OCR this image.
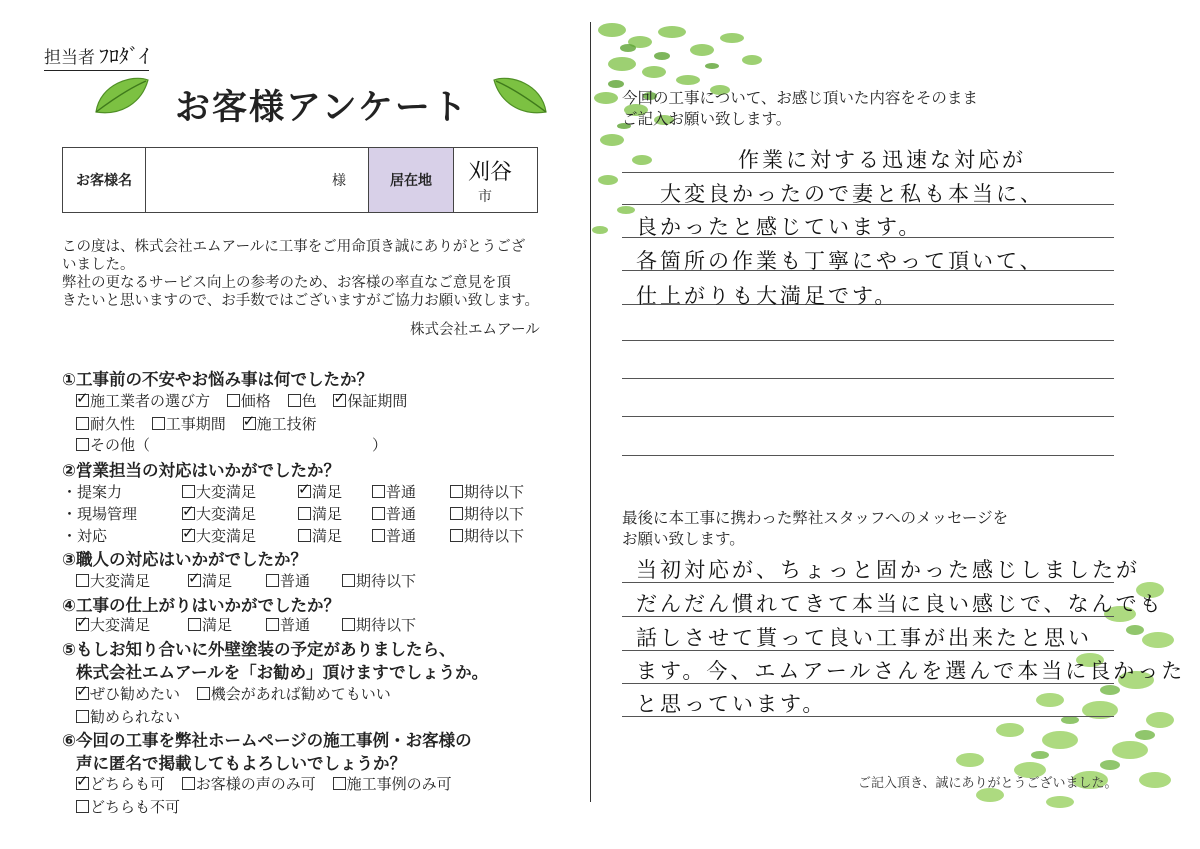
担当者 ﾌﾛﾀﾞｲ
お客様アンケート
お客様名	様	居在地	刈谷 市
この度は、株式会社エムアールに工事をご用命頂き誠にありがとうござ
いました。
弊社の更なるサービス向上の参考のため、お客様の率直なご意見を頂
きたいと思いますので、お手数ではございますがご協力お願い致します。
株式会社エムアール
①工事前の不安やお悩み事は何でしたか？
✓施工業者の選び方 価格 色 ✓ 保証期間
耐久性 工事期間 ✓ 施工技術
その他（	）
②営業担当の対応はいかがでしたか？
・提案力	大変満足 ✓	満足	普通	期待以下
・現場管理 ✓	大変満足	満足	普通	期待以下
・対応 ✓	大変満足	満足	普通	期待以下
③職人の対応はいかがでしたか？
大変満足 ✓	満足	普通	期待以下
④工事の仕上がりはいかがでしたか？
✓大変満足	満足	普通	期待以下
⑤もしお知り合いに外壁塗装の予定がありましたら、
株式会社エムアールを「お勧め」頂けますでしょうか。
✓ぜひ勧めたい 機会があれば勧めてもいい
勧められない
⑥今回の工事を弊社ホームページの施工事例・お客様の
声に匿名で掲載してもよろしいでしょうか？
✓どちらも可 お客様の声のみ可 施工事例のみ可
どちらも不可
今回の工事について、お感じ頂いた内容をそのまま
ご記入お願い致します。
作業に対する迅速な対応が
大変良かったので妻と私も本当に、
良かったと感じています。
各箇所の作業も丁寧にやって頂いて、
仕上がりも大満足です。
最後に本工事に携わった弊社スタッフへのメッセージを
お願い致します。
当初対応が、ちょっと固かった感じしましたが
だんだん慣れてきて本当に良い感じで、なんでも
話しさせて貰って良い工事が出来たと思い
ます。今、エムアールさんを選んで本当に良かった
と思っています。
ご記入頂き、誠にありがとうございました。
